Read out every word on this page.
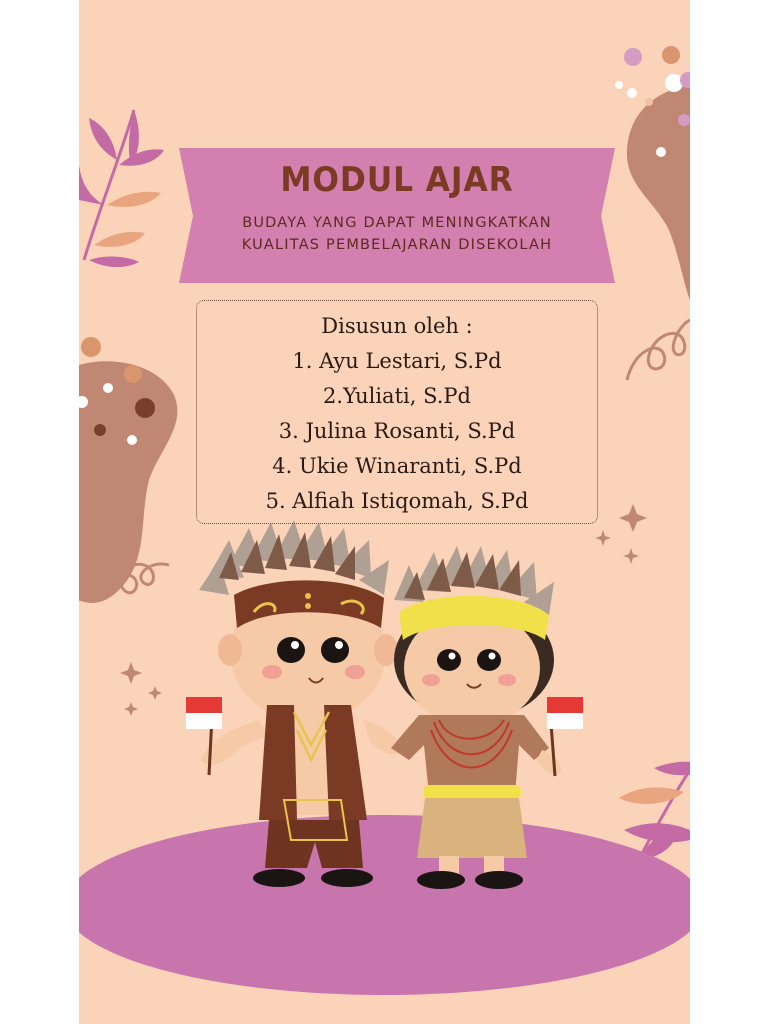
MODUL AJAR
BUDAYA YANG DAPAT MENINGKATKAN
KUALITAS PEMBELAJARAN DISEKOLAH
Disusun oleh :
1. Ayu Lestari, S.Pd
2.Yuliati, S.Pd
3. Julina Rosanti, S.Pd
4. Ukie Winaranti, S.Pd
5. Alfiah Istiqomah, S.Pd
